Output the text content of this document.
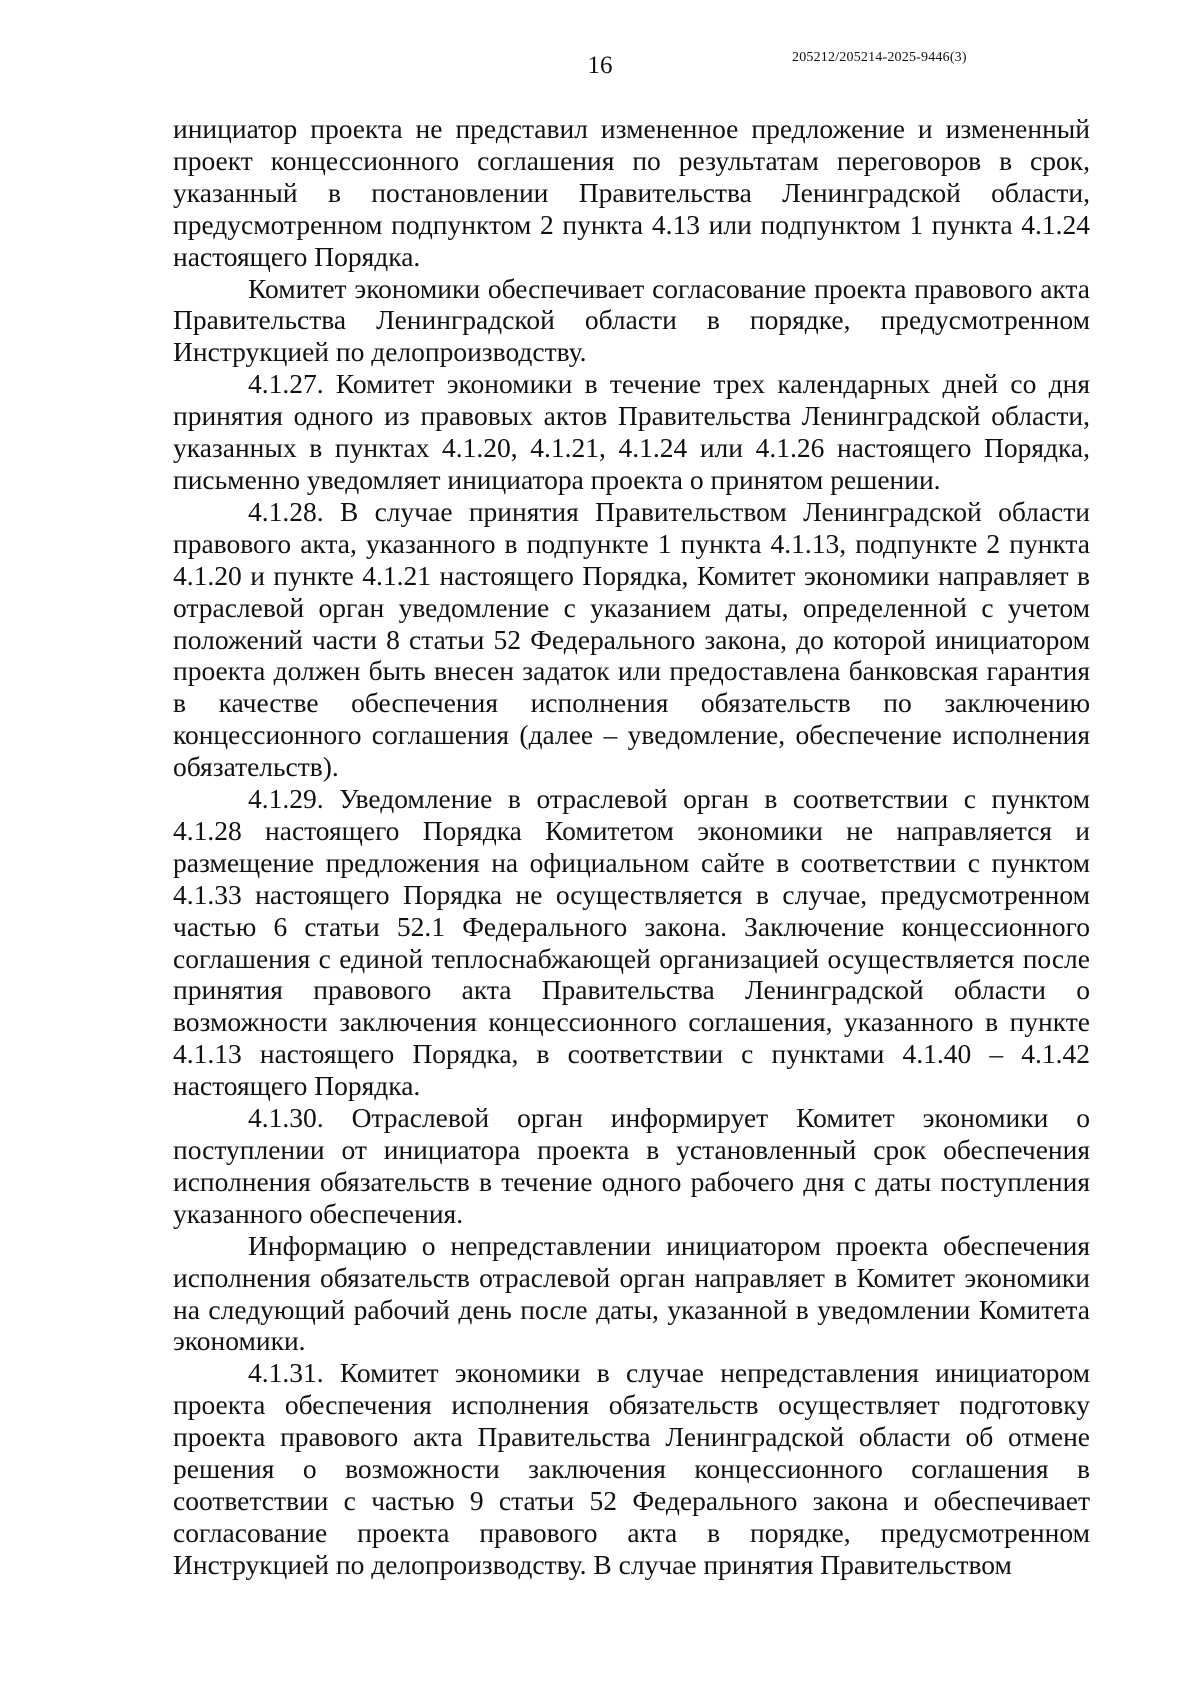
16	205212/205214-2025-9446(3)

инициатор проекта не представил измененное предложение и измененный проект концессионного соглашения по результатам переговоров в срок, указанный в постановлении Правительства Ленинградской области, предусмотренном подпунктом 2 пункта 4.13 или подпунктом 1 пункта 4.1.24 настоящего Порядка.

Комитет экономики обеспечивает согласование проекта правового акта Правительства Ленинградской области в порядке, предусмотренном Инструкцией по делопроизводству.

4.1.27. Комитет экономики в течение трех календарных дней со дня принятия одного из правовых актов Правительства Ленинградской области, указанных в пунктах 4.1.20, 4.1.21, 4.1.24 или 4.1.26 настоящего Порядка, письменно уведомляет инициатора проекта о принятом решении.

4.1.28. В случае принятия Правительством Ленинградской области правового акта, указанного в подпункте 1 пункта 4.1.13, подпункте 2 пункта 4.1.20 и пункте 4.1.21 настоящего Порядка, Комитет экономики направляет в отраслевой орган уведомление с указанием даты, определенной с учетом положений части 8 статьи 52 Федерального закона, до которой инициатором проекта должен быть внесен задаток или предоставлена банковская гарантия в качестве обеспечения исполнения обязательств по заключению концессионного соглашения (далее – уведомление, обеспечение исполнения обязательств).

4.1.29. Уведомление в отраслевой орган в соответствии с пунктом 4.1.28 настоящего Порядка Комитетом экономики не направляется и размещение предложения на официальном сайте в соответствии с пунктом 4.1.33 настоящего Порядка не осуществляется в случае, предусмотренном частью 6 статьи 52.1 Федерального закона. Заключение концессионного соглашения с единой теплоснабжающей организацией осуществляется после принятия правового акта Правительства Ленинградской области о возможности заключения концессионного соглашения, указанного в пункте 4.1.13 настоящего Порядка, в соответствии с пунктами 4.1.40 – 4.1.42 настоящего Порядка.

4.1.30. Отраслевой орган информирует Комитет экономики о поступлении от инициатора проекта в установленный срок обеспечения исполнения обязательств в течение одного рабочего дня с даты поступления указанного обеспечения.

Информацию о непредставлении инициатором проекта обеспечения исполнения обязательств отраслевой орган направляет в Комитет экономики на следующий рабочий день после даты, указанной в уведомлении Комитета экономики.

4.1.31. Комитет экономики в случае непредставления инициатором проекта обеспечения исполнения обязательств осуществляет подготовку проекта правового акта Правительства Ленинградской области об отмене решения о возможности заключения концессионного соглашения в соответствии с частью 9 статьи 52 Федерального закона и обеспечивает согласование проекта правового акта в порядке, предусмотренном Инструкцией по делопроизводству. В случае принятия Правительством
